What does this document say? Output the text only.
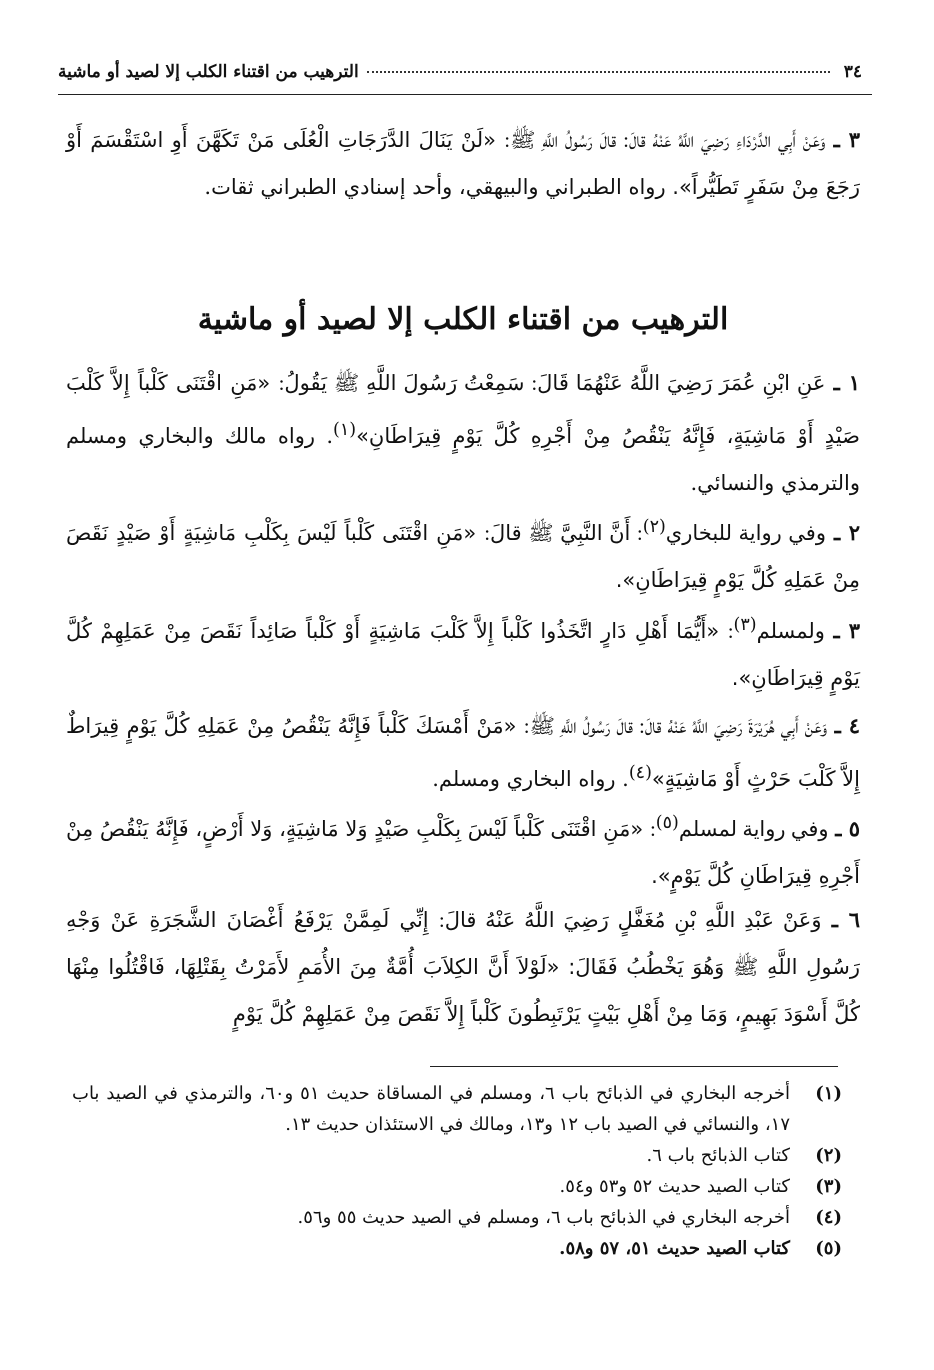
٣٤
الترهيب من اقتناء الكلب إلا لصيد أو ماشية

٣ ـ وَعَنْ أَبِي الدَّرْدَاءِ رَضِيَ اللَّهُ عَنْهُ قالَ: قالَ رَسُولُ اللَّهِ ﷺ: «لَنْ يَنَالَ الدَّرَجَاتِ الْعُلَى مَنْ تَكَهَّنَ أَوِ اسْتَقْسَمَ أَوْ رَجَعَ مِنْ سَفَرٍ تَطَيُّراً». رواه الطبراني والبيهقي، وأحد إسنادي الطبراني ثقات.

الترهيب من اقتناء الكلب إلا لصيد أو ماشية

١ ـ عَنِ ابْنِ عُمَرَ رَضِيَ اللَّهُ عَنْهُمَا قَالَ: سَمِعْتُ رَسُولَ اللَّهِ ﷺ يَقُولُ: «مَنِ اقْتَنَى كَلْباً إِلاَّ كَلْبَ صَيْدٍ أَوْ مَاشِيَةٍ، فَإِنَّهُ يَنْقُصُ مِنْ أَجْرِهِ كُلَّ يَوْمٍ قِيرَاطَانِ»$^{(١)}$. رواه مالك والبخاري ومسلم والترمذي والنسائي.

٢ ـ وفي رواية للبخاري$^{(٢)}$: أَنَّ النَّبِيَّ ﷺ قالَ: «مَنِ اقْتَنَى كَلْباً لَيْسَ بِكَلْبِ مَاشِيَةٍ أَوْ صَيْدٍ نَقَصَ مِنْ عَمَلِهِ كُلَّ يَوْمٍ قِيرَاطَانِ».

٣ ـ ولمسلم$^{(٣)}$: «أَيُّمَا أَهْلِ دَارٍ اتَّخَذُوا كَلْباً إِلاَّ كَلْبَ مَاشِيَةٍ أَوْ كَلْباً صَائِداً نَقَصَ مِنْ عَمَلِهِمْ كُلَّ يَوْمٍ قِيرَاطَانِ».

٤ ـ وَعَنْ أَبِي هُرَيْرَةَ رَضِيَ اللَّهُ عَنْهُ قالَ: قالَ رَسُولُ اللَّهِ ﷺ: «مَنْ أَمْسَكَ كَلْباً فَإِنَّهُ يَنْقُصُ مِنْ عَمَلِهِ كُلَّ يَوْمٍ قِيرَاطٌ إِلاَّ كَلْبَ حَرْثٍ أَوْ مَاشِيَةٍ»$^{(٤)}$. رواه البخاري ومسلم.

٥ ـ وفي رواية لمسلم$^{(٥)}$: «مَنِ اقْتَنَى كَلْباً لَيْسَ بِكَلْبِ صَيْدٍ وَلا مَاشِيَةٍ، وَلا أَرْضٍ، فَإِنَّهُ يَنْقُصُ مِنْ أَجْرِهِ قِيرَاطَانِ كُلَّ يَوْمٍ».

٦ ـ وَعَنْ عَبْدِ اللَّهِ بْنِ مُغَفَّلٍ رَضِيَ اللَّهُ عَنْهُ قالَ: إِنِّي لَمِمَّنْ يَرْفَعُ أَغْصَانَ الشَّجَرَةِ عَنْ وَجْهِ رَسُولِ اللَّهِ ﷺ وَهُوَ يَخْطُبُ فَقَالَ: «لَوْلاَ أَنَّ الكِلاَبَ أُمَّةٌ مِنَ الأُمَمِ لأَمَرْتُ بِقَتْلِهَا، فَاقْتُلُوا مِنْهَا كُلَّ أَسْوَدَ بَهِيمٍ، وَمَا مِنْ أَهْلِ بَيْتٍ يَرْتَبِطُونَ كَلْباً إِلاَّ نَقَصَ مِنْ عَمَلِهِمْ كُلَّ يَوْمٍ

(١)
أخرجه البخاري في الذبائح باب ٦، ومسلم في المساقاة حديث ٥١ و٦٠، والترمذي في الصيد باب ١٧، والنسائي في الصيد باب ١٢ و١٣، ومالك في الاستئذان حديث ١٣.
(٢)
كتاب الذبائح باب ٦.
(٣)
كتاب الصيد حديث ٥٢ و٥٣ و٥٤.
(٤)
أخرجه البخاري في الذبائح باب ٦، ومسلم في الصيد حديث ٥٥ و٥٦.
(٥)
كتاب الصيد حديث ٥١، ٥٧ و٥٨.
